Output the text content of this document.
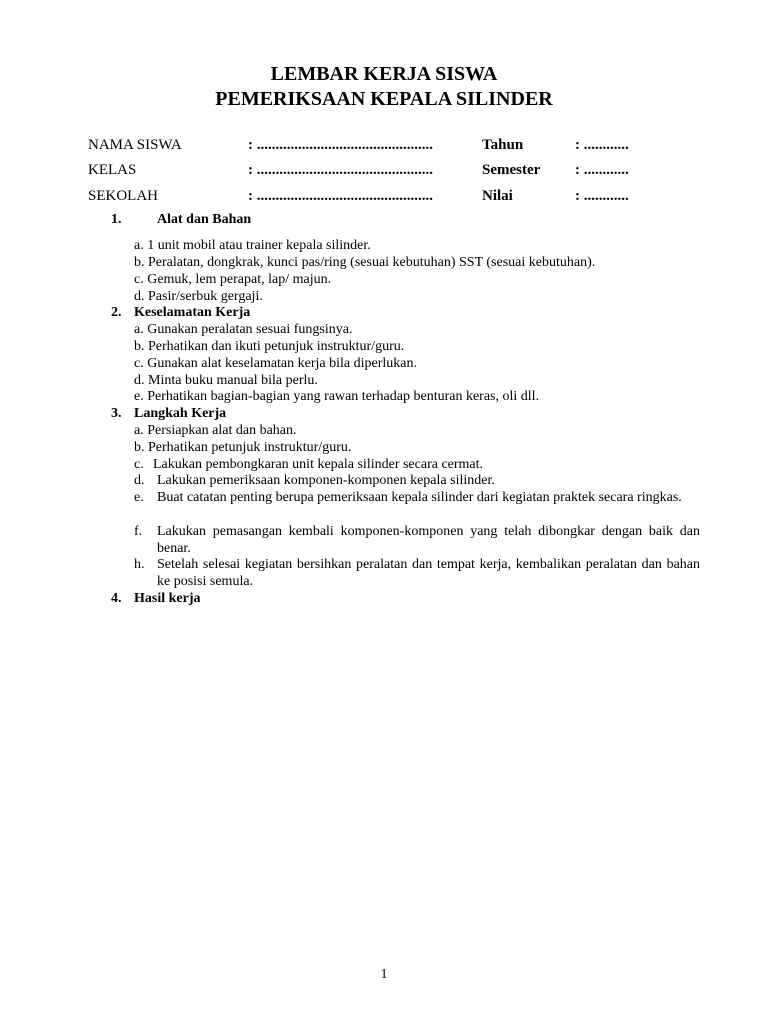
LEMBAR KERJA SISWA
PEMERIKSAAN KEPALA SILINDER
NAMA SISWA	: ...............................................	Tahun	: ............
KELAS	: ...............................................	Semester : ............
SEKOLAH	: ...............................................	Nilai	: ............
1.	Alat dan Bahan
a. 1 unit mobil atau trainer kepala silinder.
b. Peralatan, dongkrak, kunci pas/ring (sesuai kebutuhan) SST (sesuai kebutuhan).
c. Gemuk, lem perapat, lap/ majun.
d. Pasir/serbuk gergaji.
2. Keselamatan Kerja
a. Gunakan peralatan sesuai fungsinya.
b. Perhatikan dan ikuti petunjuk instruktur/guru.
c. Gunakan alat keselamatan kerja bila diperlukan.
d. Minta buku manual bila perlu.
e. Perhatikan bagian-bagian yang rawan terhadap benturan keras, oli dll.
3. Langkah Kerja
a. Persiapkan alat dan bahan.
b. Perhatikan petunjuk instruktur/guru.
c. Lakukan pembongkaran unit kepala silinder secara cermat.
d. Lakukan pemeriksaan komponen-komponen kepala silinder.
e. Buat catatan penting berupa pemeriksaan kepala silinder dari kegiatan praktek secara ringkas.
f. Lakukan pemasangan kembali komponen-komponen yang telah dibongkar dengan baik dan benar.
h. Setelah selesai kegiatan bersihkan peralatan dan tempat kerja, kembalikan peralatan dan bahan ke posisi semula.
4. Hasil kerja
1
